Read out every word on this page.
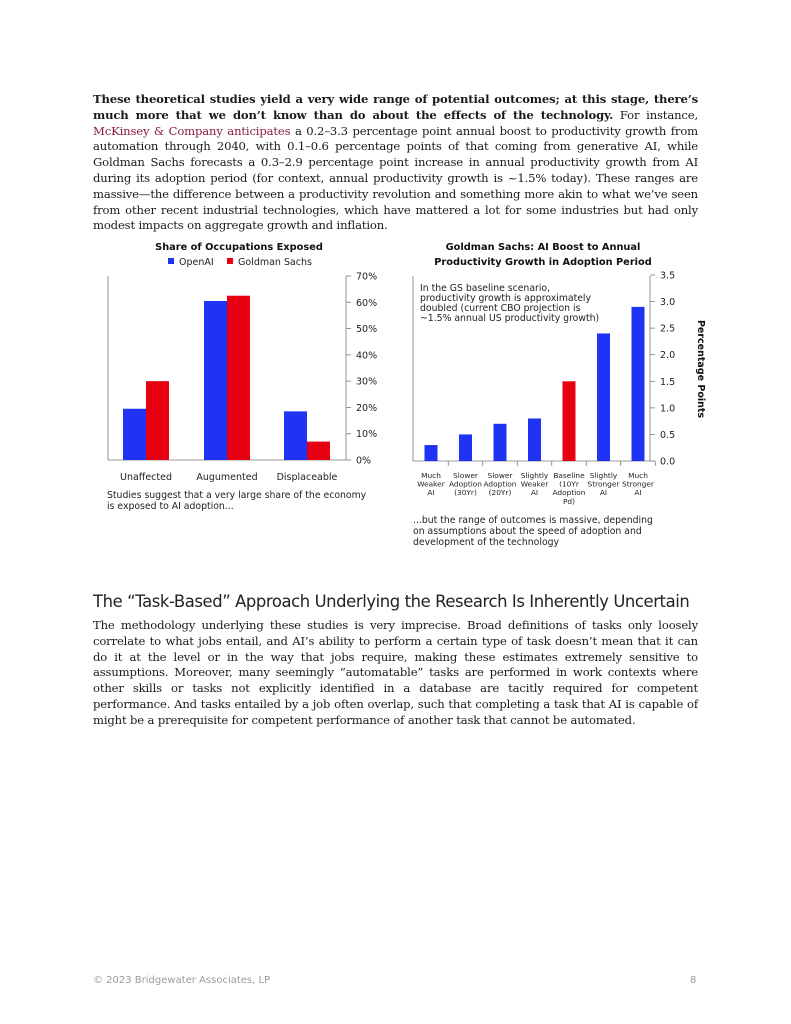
These theoretical studies yield a very wide range of potential outcomes; at this stage, there’s much more that we don’t know than do about the effects of the technology. For instance, McKinsey & Company anticipates a 0.2–3.3 percentage point annual boost to productivity growth from automation through 2040, with 0.1–0.6 percentage points of that coming from generative AI, while Goldman Sachs forecasts a 0.3–2.9 percentage point increase in annual productivity growth from AI during its adoption period (for context, annual productivity growth is ~1.5% today). These ranges are massive—the difference between a productivity revolution and something more akin to what we’ve seen from other recent industrial technologies, which have mattered a lot for some industries but had only modest impacts on aggregate growth and inflation.

Share of Occupations Exposed
OpenAI	Goldman Sachs
70%
60%
50%
40%
30%
20%
10%
0%
Unaffected	Augumented Displaceable
Studies suggest that a very large share of the economy
is exposed to AI adoption...
Goldman Sachs: AI Boost to Annual
Productivity Growth in Adoption Period
3.5
3.0
2.5
2.0
1.5
1.0
0.5
0.0
Much
Weaker
AI
Slower
Adoption
(30Yr)
Slower
Adoption
(20Yr)
Slightly
Weaker
AI
Baseline
(10Yr
Adoption
Pd)
Slightly
Stronger
AI
Much
Stronger
AI
In the GS baseline scenario,
productivity growth is approximately
doubled (current CBO projection is
~1.5% annual US productivity growth)
Percentage Points
...but the range of outcomes is massive, depending
on assumptions about the speed of adoption and
development of the technology
The “Task-Based” Approach Underlying the Research Is Inherently Uncertain

The methodology underlying these studies is very imprecise. Broad definitions of tasks only loosely correlate to what jobs entail, and AI’s ability to perform a certain type of task doesn’t mean that it can do it at the level or in the way that jobs require, making these estimates extremely sensitive to assumptions. Moreover, many seemingly “automatable” tasks are performed in work contexts where other skills or tasks not explicitly identified in a database are tacitly required for competent performance. And tasks entailed by a job often overlap, such that completing a task that AI is capable of might be a prerequisite for competent performance of another task that cannot be automated.

© 2023 Bridgewater Associates, LP	8
